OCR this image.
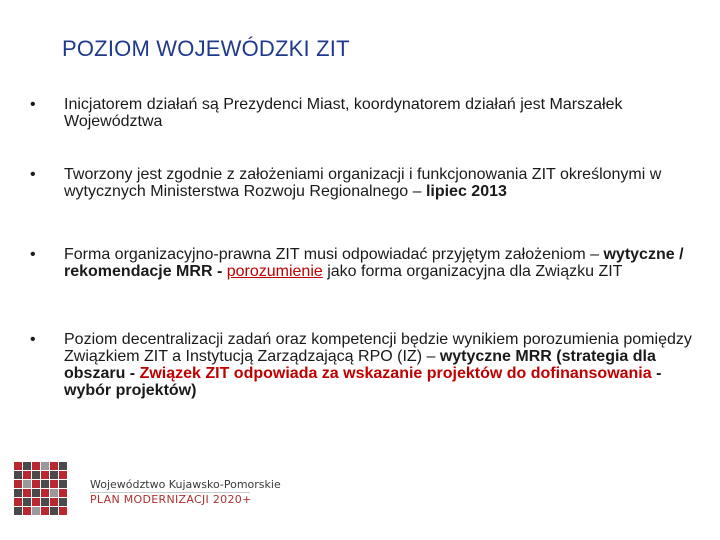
POZIOM WOJEWÓDZKI ZIT
•	Inicjatorem działań są Prezydenci Miast, koordynatorem działań jest Marszałek Województwa
•	Tworzony jest zgodnie z założeniami organizacji i funkcjonowania ZIT określonymi w wytycznych Ministerstwa Rozwoju Regionalnego – lipiec 2013
•	Forma organizacyjno-prawna ZIT musi odpowiadać przyjętym założeniom – wytyczne / rekomendacje MRR - porozumienie jako forma organizacyjna dla Związku ZIT
•	Poziom decentralizacji zadań oraz kompetencji będzie wynikiem porozumienia pomiędzy Związkiem ZIT a Instytucją Zarządzającą RPO (IZ) – wytyczne MRR (strategia dla obszaru - Związek ZIT odpowiada za wskazanie projektów do dofinansowania - wybór projektów)
Województwo Kujawsko-Pomorskie
PLAN MODERNIZACJI 2020+
